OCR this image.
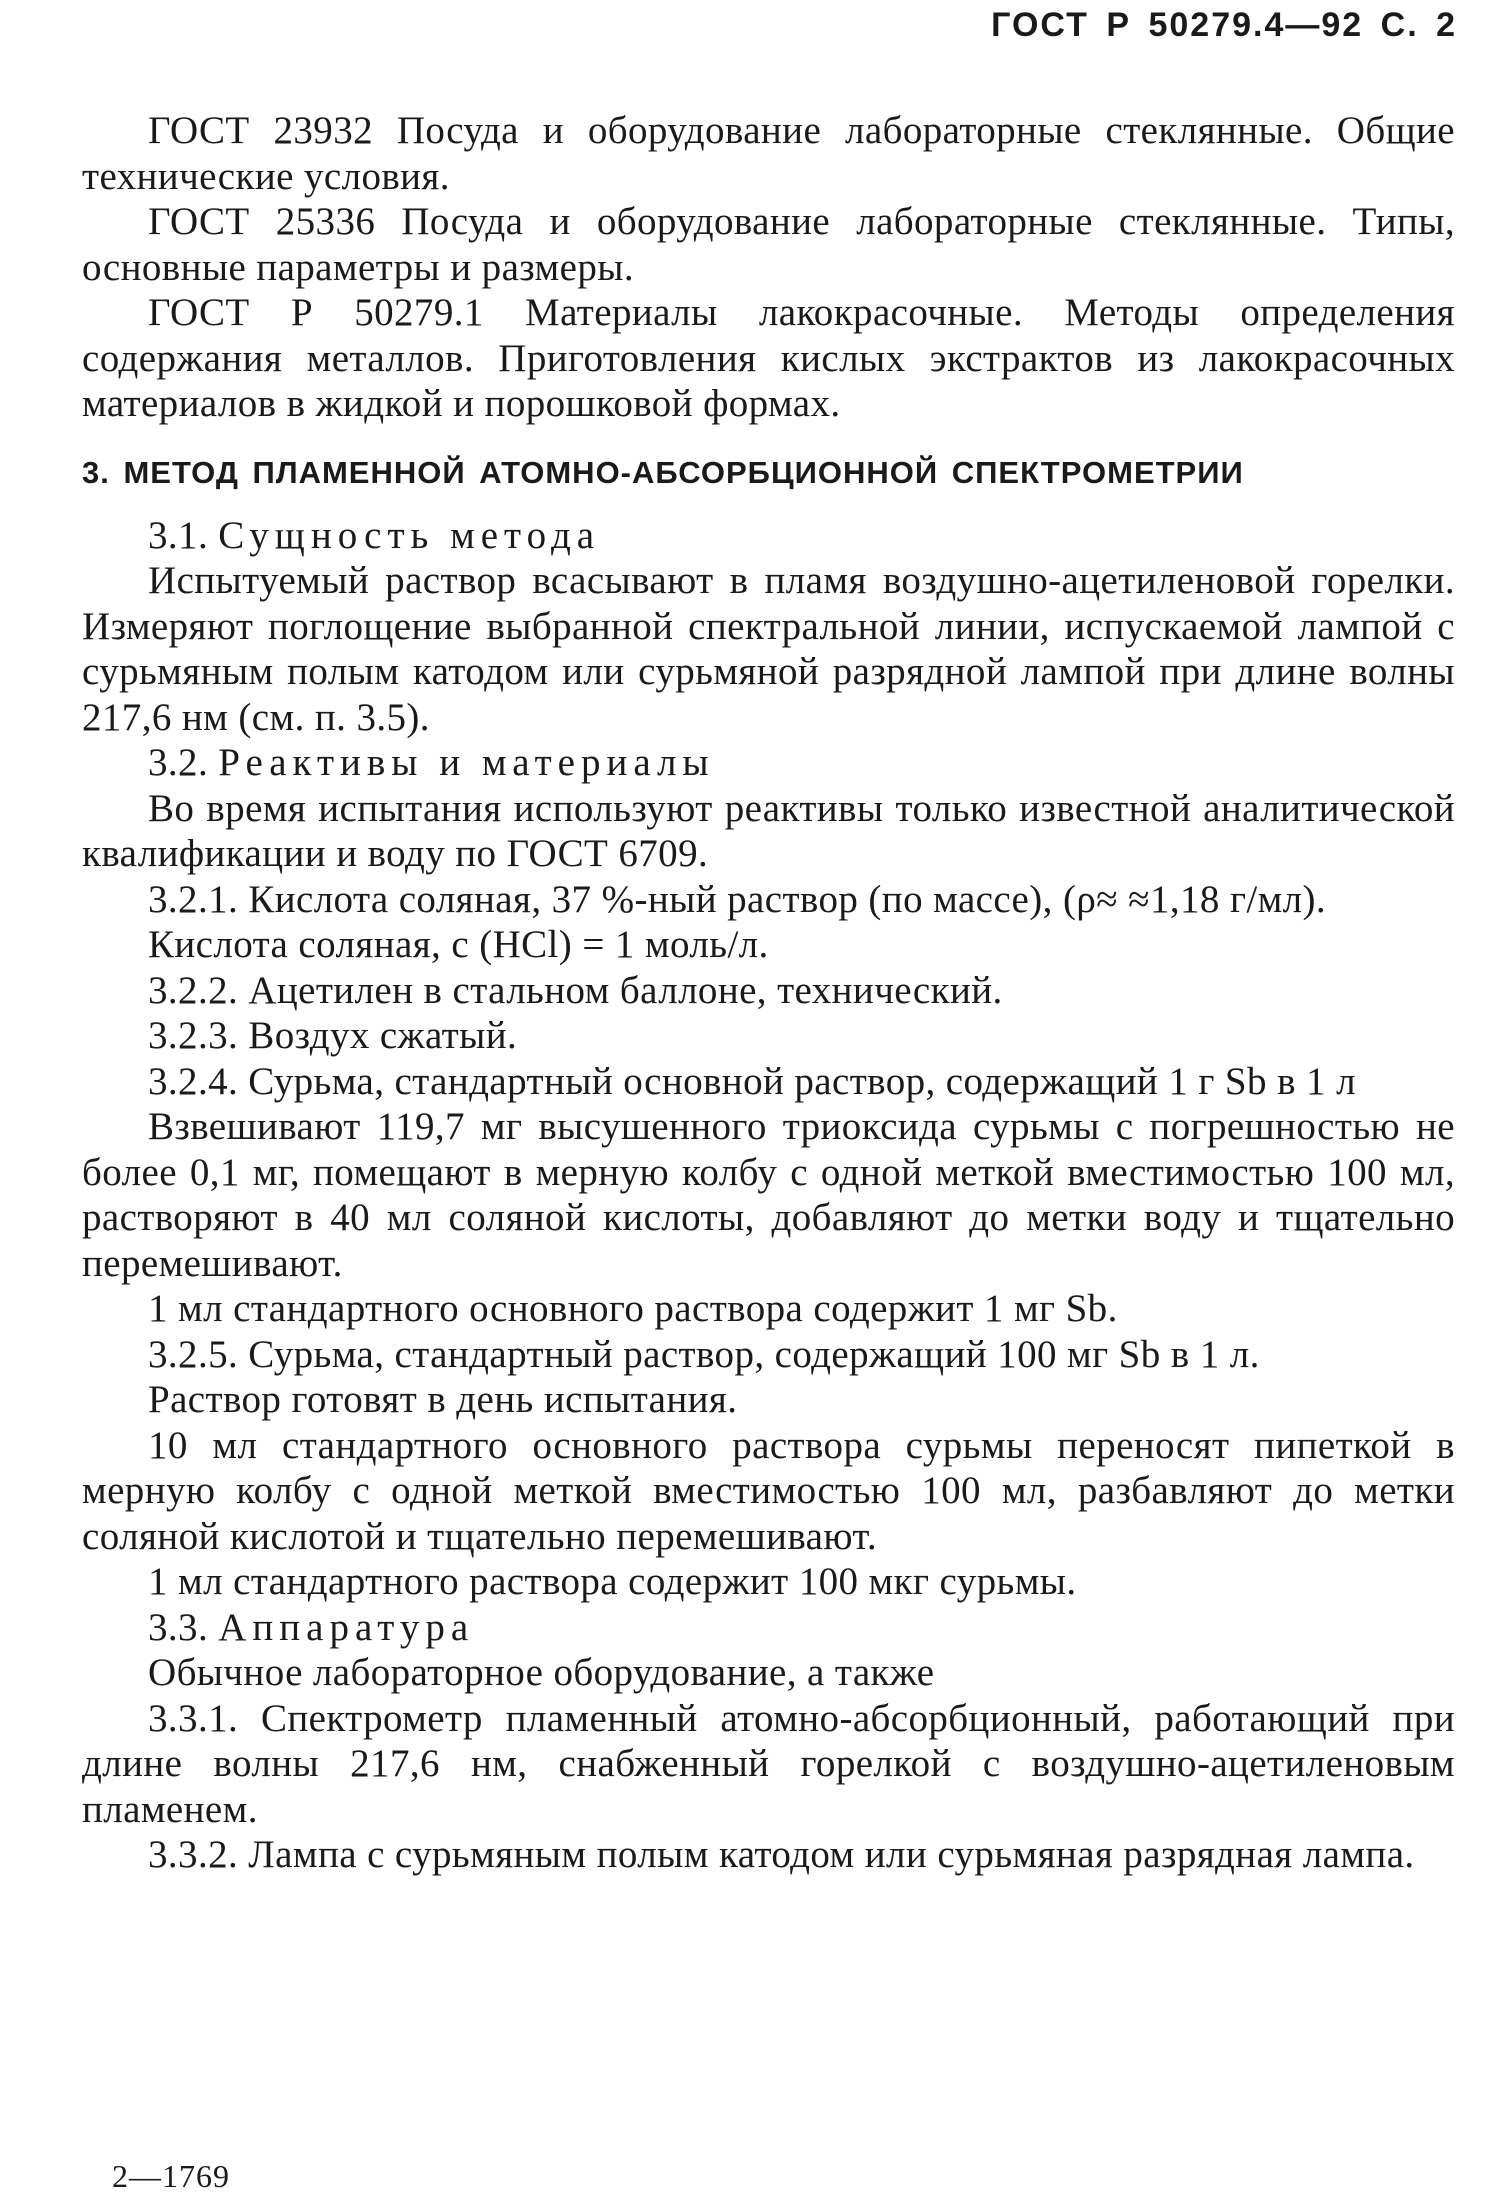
ГОСТ Р 50279.4—92 С. 2

ГОСТ 23932 Посуда и оборудование лабораторные стеклянные. Общие технические условия.

ГОСТ 25336 Посуда и оборудование лабораторные стеклянные. Типы, основные параметры и размеры.

ГОСТ Р 50279.1 Материалы лакокрасочные. Методы определения содержания металлов. Приготовления кислых экстрактов из лакокрасочных материалов в жидкой и порошковой формах.

3. МЕТОД ПЛАМЕННОЙ АТОМНО-АБСОРБЦИОННОЙ СПЕКТРОМЕТРИИ

3.1. Сущность метода

Испытуемый раствор всасывают в пламя воздушно-ацетиленовой горелки. Измеряют поглощение выбранной спектральной линии, испускаемой лампой с сурьмяным полым катодом или сурьмяной разрядной лампой при длине волны 217,6 нм (см. п. 3.5).

3.2. Реактивы и материалы

Во время испытания используют реактивы только известной аналитической квалификации и воду по ГОСТ 6709.

3.2.1. Кислота соляная, 37 %-ный раствор (по массе), (ρ≈ ≈1,18 г/мл).

Кислота соляная, c (HCl) = 1 моль/л.

3.2.2. Ацетилен в стальном баллоне, технический.

3.2.3. Воздух сжатый.

3.2.4. Сурьма, стандартный основной раствор, содержащий 1 г Sb в 1 л

Взвешивают 119,7 мг высушенного триоксида сурьмы с погрешностью не более 0,1 мг, помещают в мерную колбу с одной меткой вместимостью 100 мл, растворяют в 40 мл соляной кислоты, добавляют до метки воду и тщательно перемешивают.

1 мл стандартного основного раствора содержит 1 мг Sb.

3.2.5. Сурьма, стандартный раствор, содержащий 100 мг Sb в 1 л.

Раствор готовят в день испытания.

10 мл стандартного основного раствора сурьмы переносят пипеткой в мерную колбу с одной меткой вместимостью 100 мл, разбавляют до метки соляной кислотой и тщательно перемешивают.

1 мл стандартного раствора содержит 100 мкг сурьмы.

3.3. Аппаратура

Обычное лабораторное оборудование, а также

3.3.1. Спектрометр пламенный атомно-абсорбционный, работающий при длине волны 217,6 нм, снабженный горелкой с воздушно-ацетиленовым пламенем.

3.3.2. Лампа с сурьмяным полым катодом или сурьмяная разрядная лампа.

2—1769
